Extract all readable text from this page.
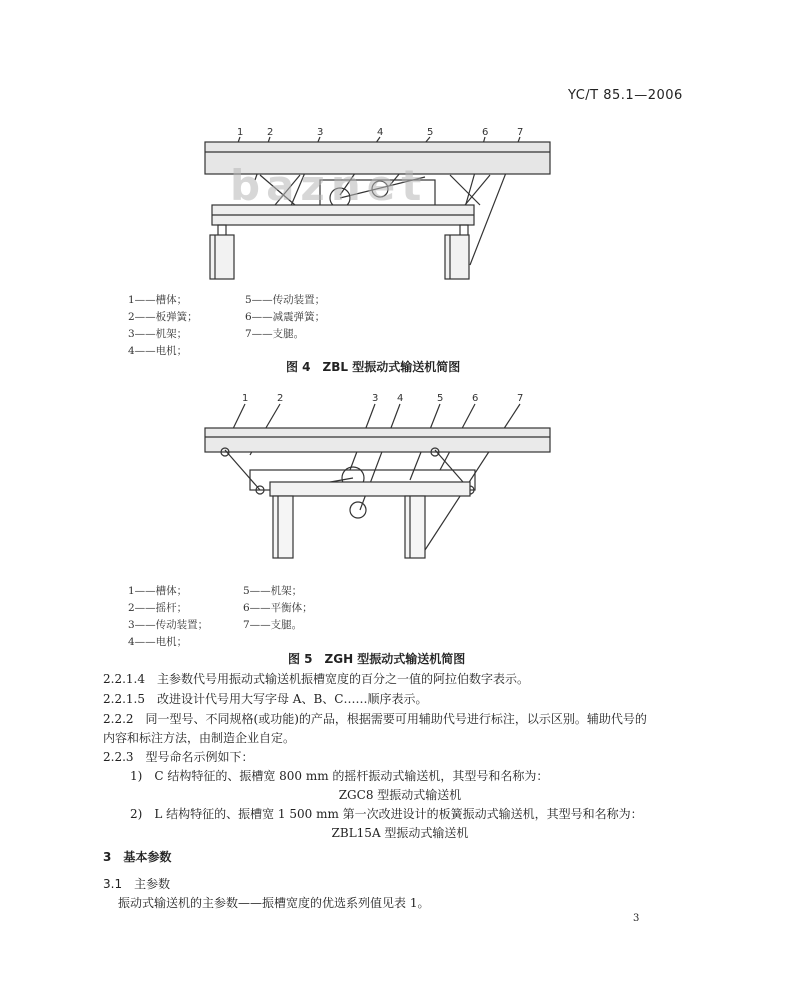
YC/T 85.1—2006
1 2	3	4	5	6	7
baznet
1——槽体；
2——板弹簧；
3——机架；
4——电机；
5——传动装置；
6——减震弹簧；
7——支腿。
图 4　ZBL 型振动式输送机简图
1	2	3 4	5	6	7
1——槽体；
2——摇杆；
3——传动装置；
4——电机；
5——机架；
6——平衡体；
7——支腿。
图 5　ZGH 型振动式输送机简图
2.2.1.4　主参数代号用振动式输送机振槽宽度的百分之一值的阿拉伯数字表示。
2.2.1.5　改进设计代号用大写字母 A、B、C……顺序表示。
2.2.2　同一型号、不同规格(或功能)的产品，根据需要可用辅助代号进行标注，以示区别。辅助代号的
内容和标注方法，由制造企业自定。
2.2.3　型号命名示例如下：
1)　C 结构特征的、振槽宽 800 mm 的摇杆振动式输送机，其型号和名称为：
ZGC8 型振动式输送机
2)　L 结构特征的、振槽宽 1 500 mm 第一次改进设计的板簧振动式输送机，其型号和名称为：
ZBL15A 型振动式输送机
3　基本参数
3.1　主参数
振动式输送机的主参数——振槽宽度的优选系列值见表 1。
3
